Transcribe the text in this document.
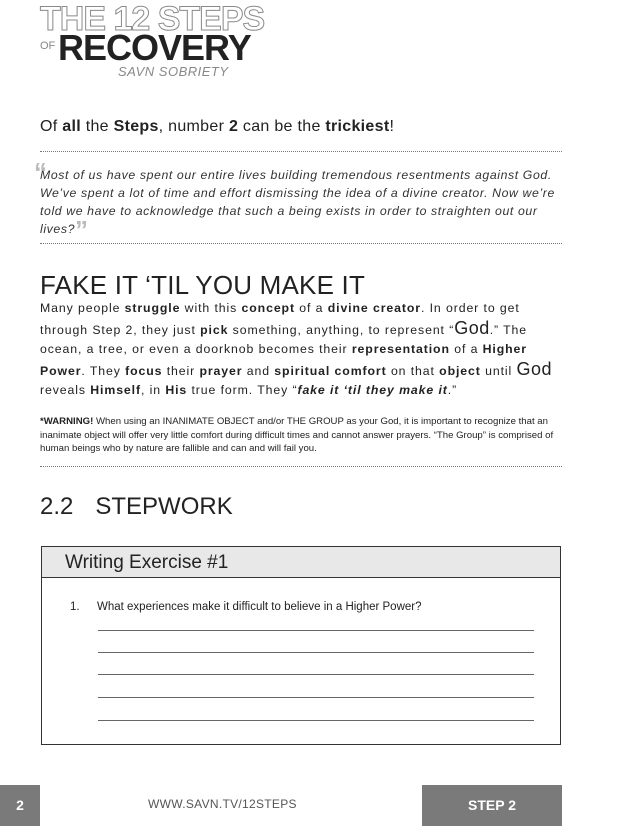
THE 12 STEPS
OF RECOVERY
SAVN SOBRIETY
Of all the Steps, number 2 can be the trickiest!
“
Most of us have spent our entire lives building tremendous resentments against God. We’ve spent a lot of time and effort dismissing the idea of a divine creator. Now we’re told we have to acknowledge that such a being exists in order to straighten out our lives?”
FAKE IT ‘TIL YOU MAKE IT
Many people struggle with this concept of a divine creator. In order to get through Step 2, they just pick something, anything, to represent “God.” The ocean, a tree, or even a doorknob becomes their representation of a Higher Power. They focus their prayer and spiritual comfort on that object until God reveals Himself, in His true form. They “fake it ‘til they make it.”
*WARNING! When using an INANIMATE OBJECT and/or THE GROUP as your God, it is important to recognize that an inanimate object will offer very little comfort during difficult times and cannot answer prayers. “The Group” is comprised of human beings who by nature are fallible and can and will fail you.
2.2 STEPWORK
Writing Exercise #1
1. What experiences make it difficult to believe in a Higher Power?
2	WWW.SAVN.TV/12STEPS	STEP 2
